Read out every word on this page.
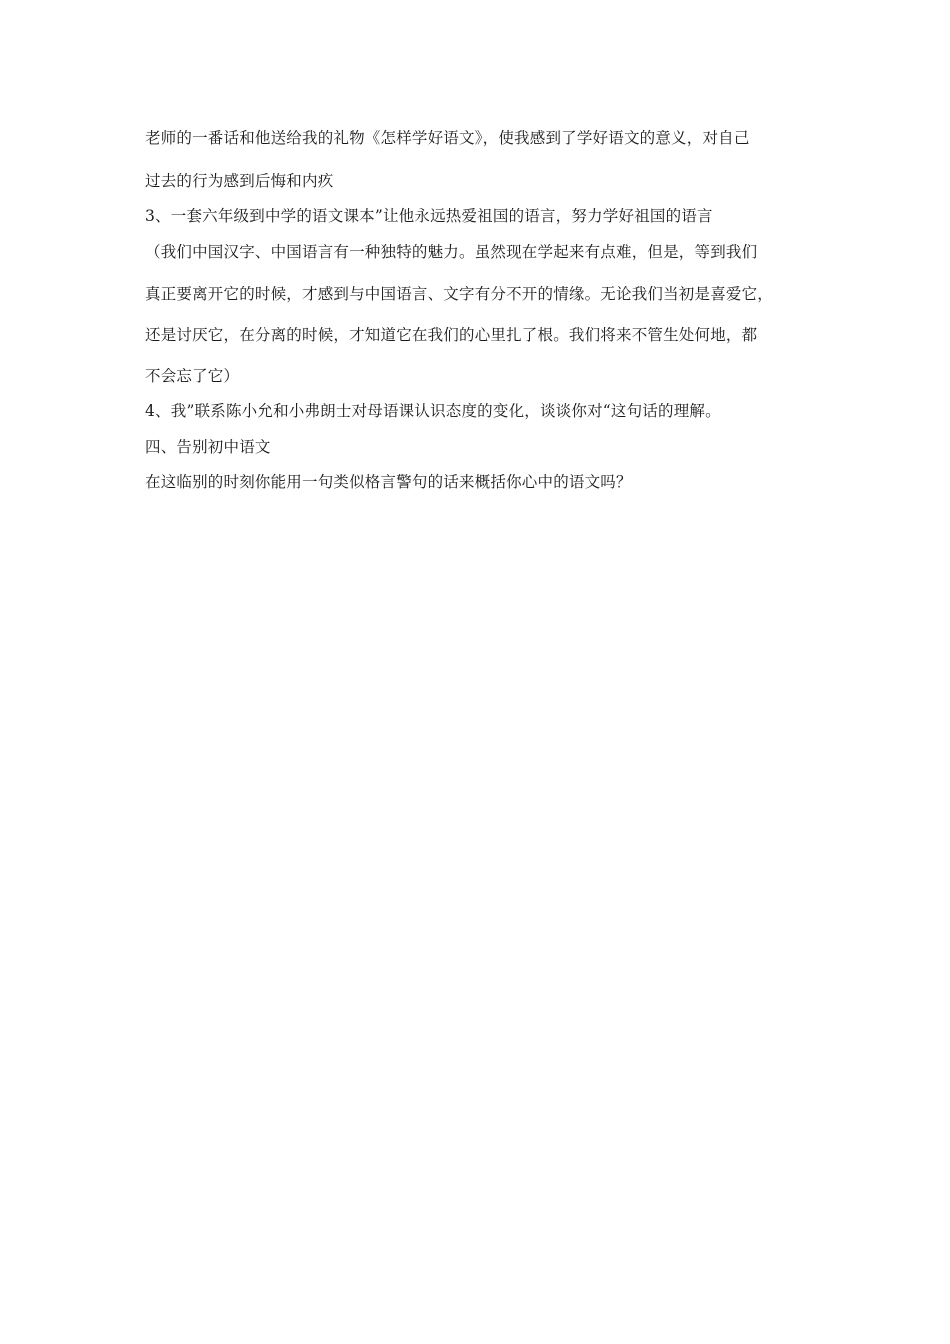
老师的一番话和他送给我的礼物《怎样学好语文》，使我感到了学好语文的意义，对自己
过去的行为感到后悔和内疚
3、一套六年级到中学的语文课本”让他永远热爱祖国的语言，努力学好祖国的语言
（我们中国汉字、中国语言有一种独特的魅力。虽然现在学起来有点难，但是，等到我们
真正要离开它的时候，才感到与中国语言、文字有分不开的情缘。无论我们当初是喜爱它，
还是讨厌它，在分离的时候，才知道它在我们的心里扎了根。我们将来不管生处何地，都
不会忘了它）
4、我”联系陈小允和小弗朗士对母语课认识态度的变化，谈谈你对“这句话的理解。
四、告别初中语文
在这临别的时刻你能用一句类似格言警句的话来概括你心中的语文吗？
